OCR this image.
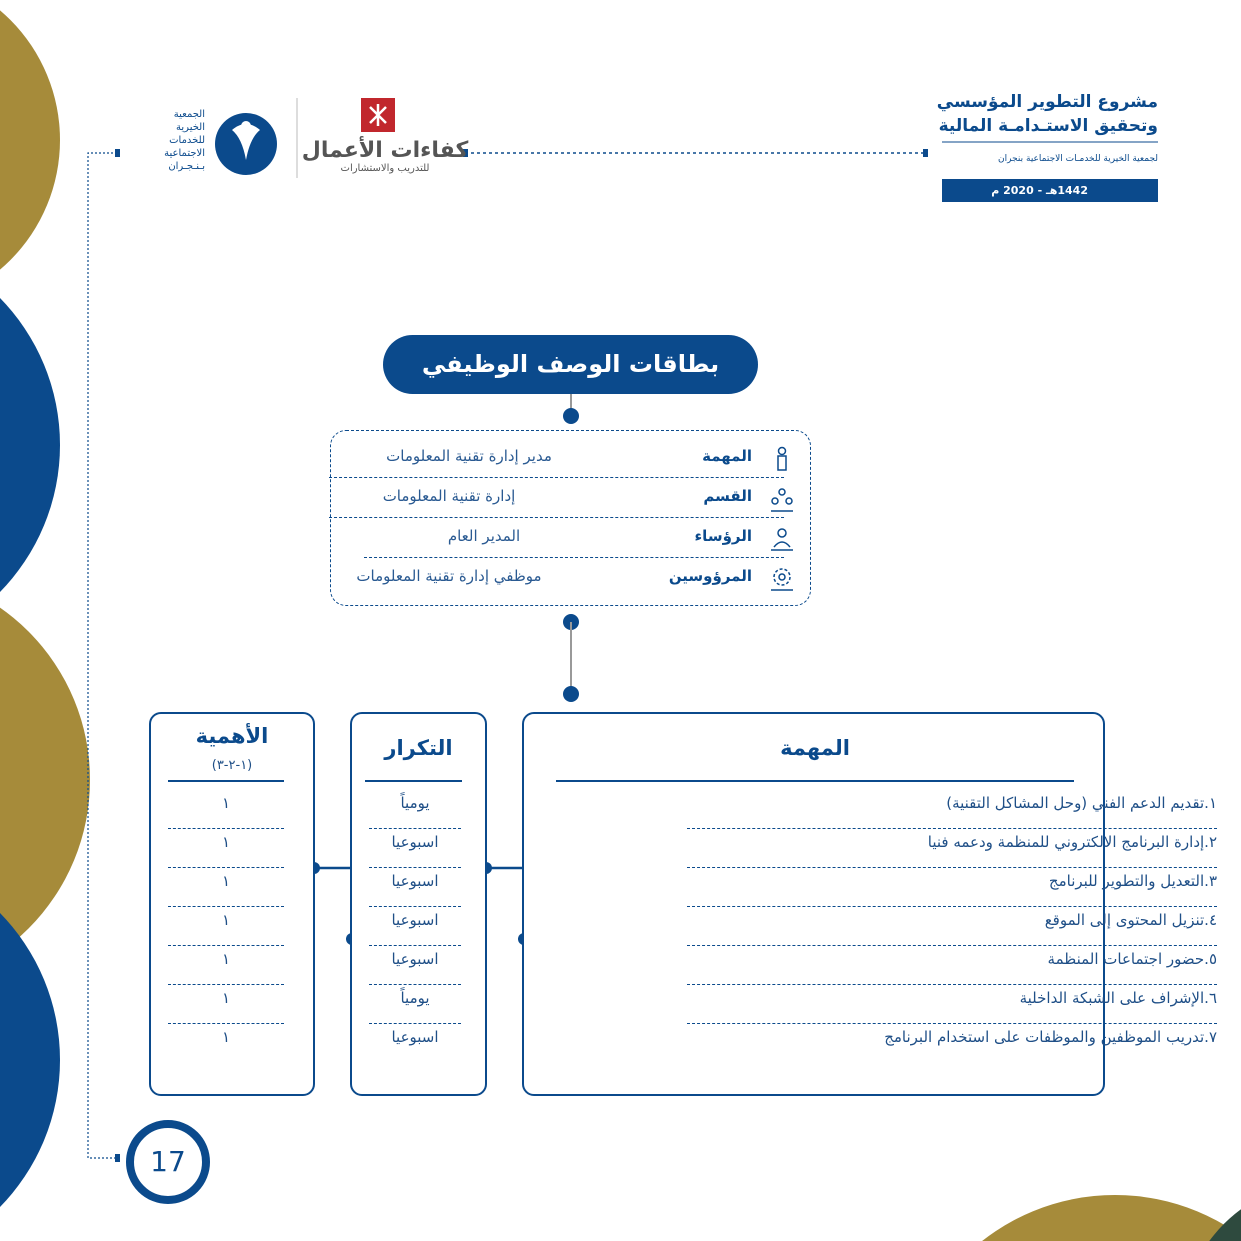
مشروع التطوير المؤسسي
وتحقيق الاستـدامـة المالية
لجمعية الخيرية للخدمـات الاجتماعية بنجران
1442هـ - 2020 م
كفاءات الأعمال
للتدريب والاستشارات
الجمعية
الخيرية
للخدمات
الاجتماعية
بـنـجـران
بطاقات الوصف الوظيفي
المهمة
مدير إدارة تقنية المعلومات
القسم
إدارة تقنية المعلومات
الرؤساء
المدير العام
المرؤوسين
موظفي إدارة تقنية المعلومات
المهمة
١.تقديم الدعم الفني (وحل المشاكل التقنية)
٢.إدارة البرنامج الالكتروني للمنظمة ودعمه فنيا
٣.التعديل والتطوير للبرنامج
٤.تنزيل المحتوى إلى الموقع
٥.حضور اجتماعات المنظمة
٦.الإشراف على الشبكة الداخلية
٧.تدريب الموظفين والموظفات على استخدام البرنامج
التكرار
يومياً
اسبوعيا
اسبوعيا
اسبوعيا
اسبوعيا
يومياً
اسبوعيا
الأهمية
(١-٢-٣)
١
١
١
١
١
١
١
17
